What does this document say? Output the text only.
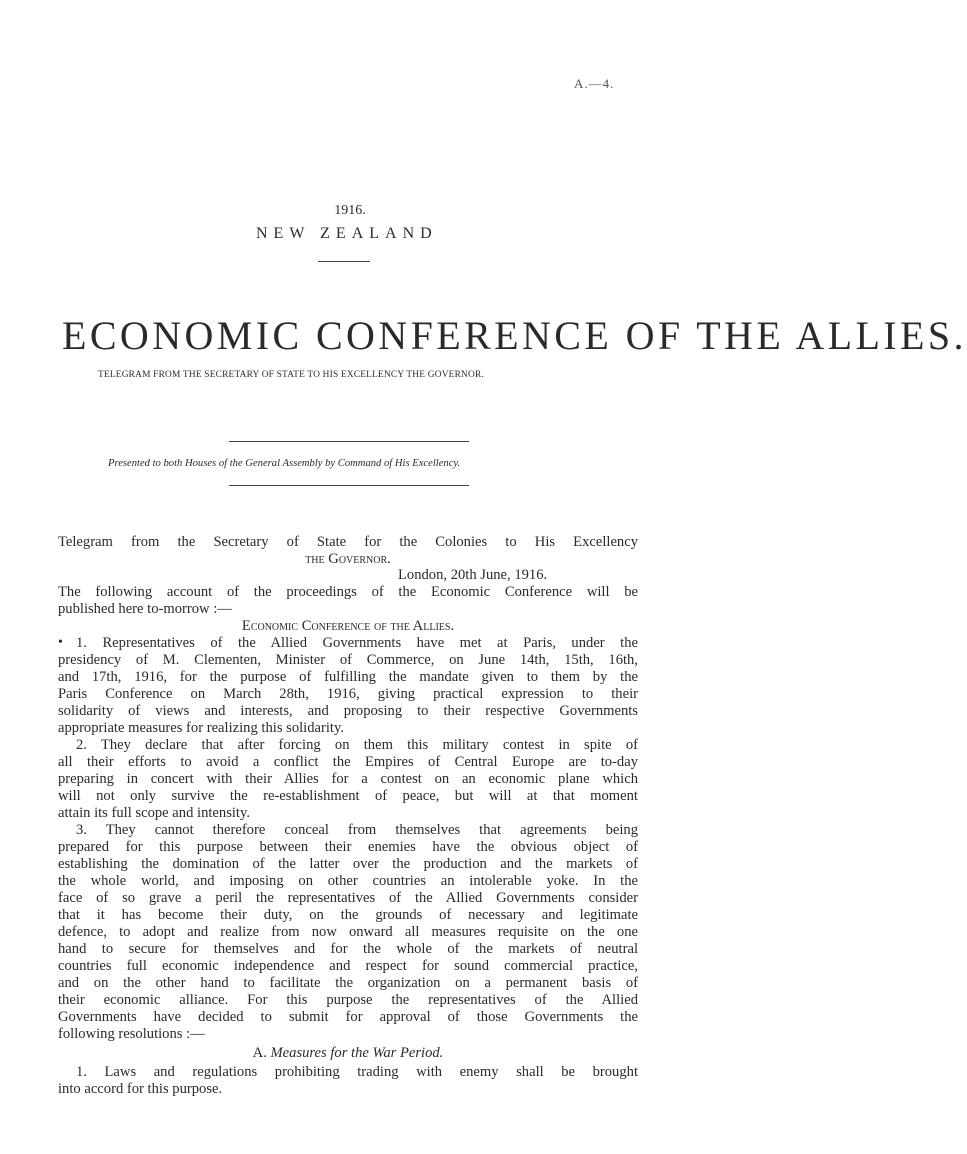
A.—4.
1916.
NEW ZEALAND
ECONOMIC CONFERENCE OF THE ALLIES.
TELEGRAM FROM THE SECRETARY OF STATE TO HIS EXCELLENCY THE GOVERNOR.
Presented to both Houses of the General Assembly by Command of His Excellency.
Telegram from the Secretary of State for the Colonies to His Excellency
the Governor.
London, 20th June, 1916.
The following account of the proceedings of the Economic Conference will be
published here to-morrow :—
Economic Conference of the Allies.
• 1. Representatives of the Allied Governments have met at Paris, under the
presidency of M. Clementen, Minister of Commerce, on June 14th, 15th, 16th,
and 17th, 1916, for the purpose of fulfilling the mandate given to them by the
Paris Conference on March 28th, 1916, giving practical expression to their
solidarity of views and interests, and proposing to their respective Governments
appropriate measures for realizing this solidarity.
2. They declare that after forcing on them this military contest in spite of
all their efforts to avoid a conflict the Empires of Central Europe are to-day
preparing in concert with their Allies for a contest on an economic plane which
will not only survive the re-establishment of peace, but will at that moment
attain its full scope and intensity.
3. They cannot therefore conceal from themselves that agreements being
prepared for this purpose between their enemies have the obvious object of
establishing the domination of the latter over the production and the markets of
the whole world, and imposing on other countries an intolerable yoke. In the
face of so grave a peril the representatives of the Allied Governments consider
that it has become their duty, on the grounds of necessary and legitimate
defence, to adopt and realize from now onward all measures requisite on the one
hand to secure for themselves and for the whole of the markets of neutral
countries full economic independence and respect for sound commercial practice,
and on the other hand to facilitate the organization on a permanent basis of
their economic alliance. For this purpose the representatives of the Allied
Governments have decided to submit for approval of those Governments the
following resolutions :—
A. Measures for the War Period.
1. Laws and regulations prohibiting trading with enemy shall be brought
into accord for this purpose.
